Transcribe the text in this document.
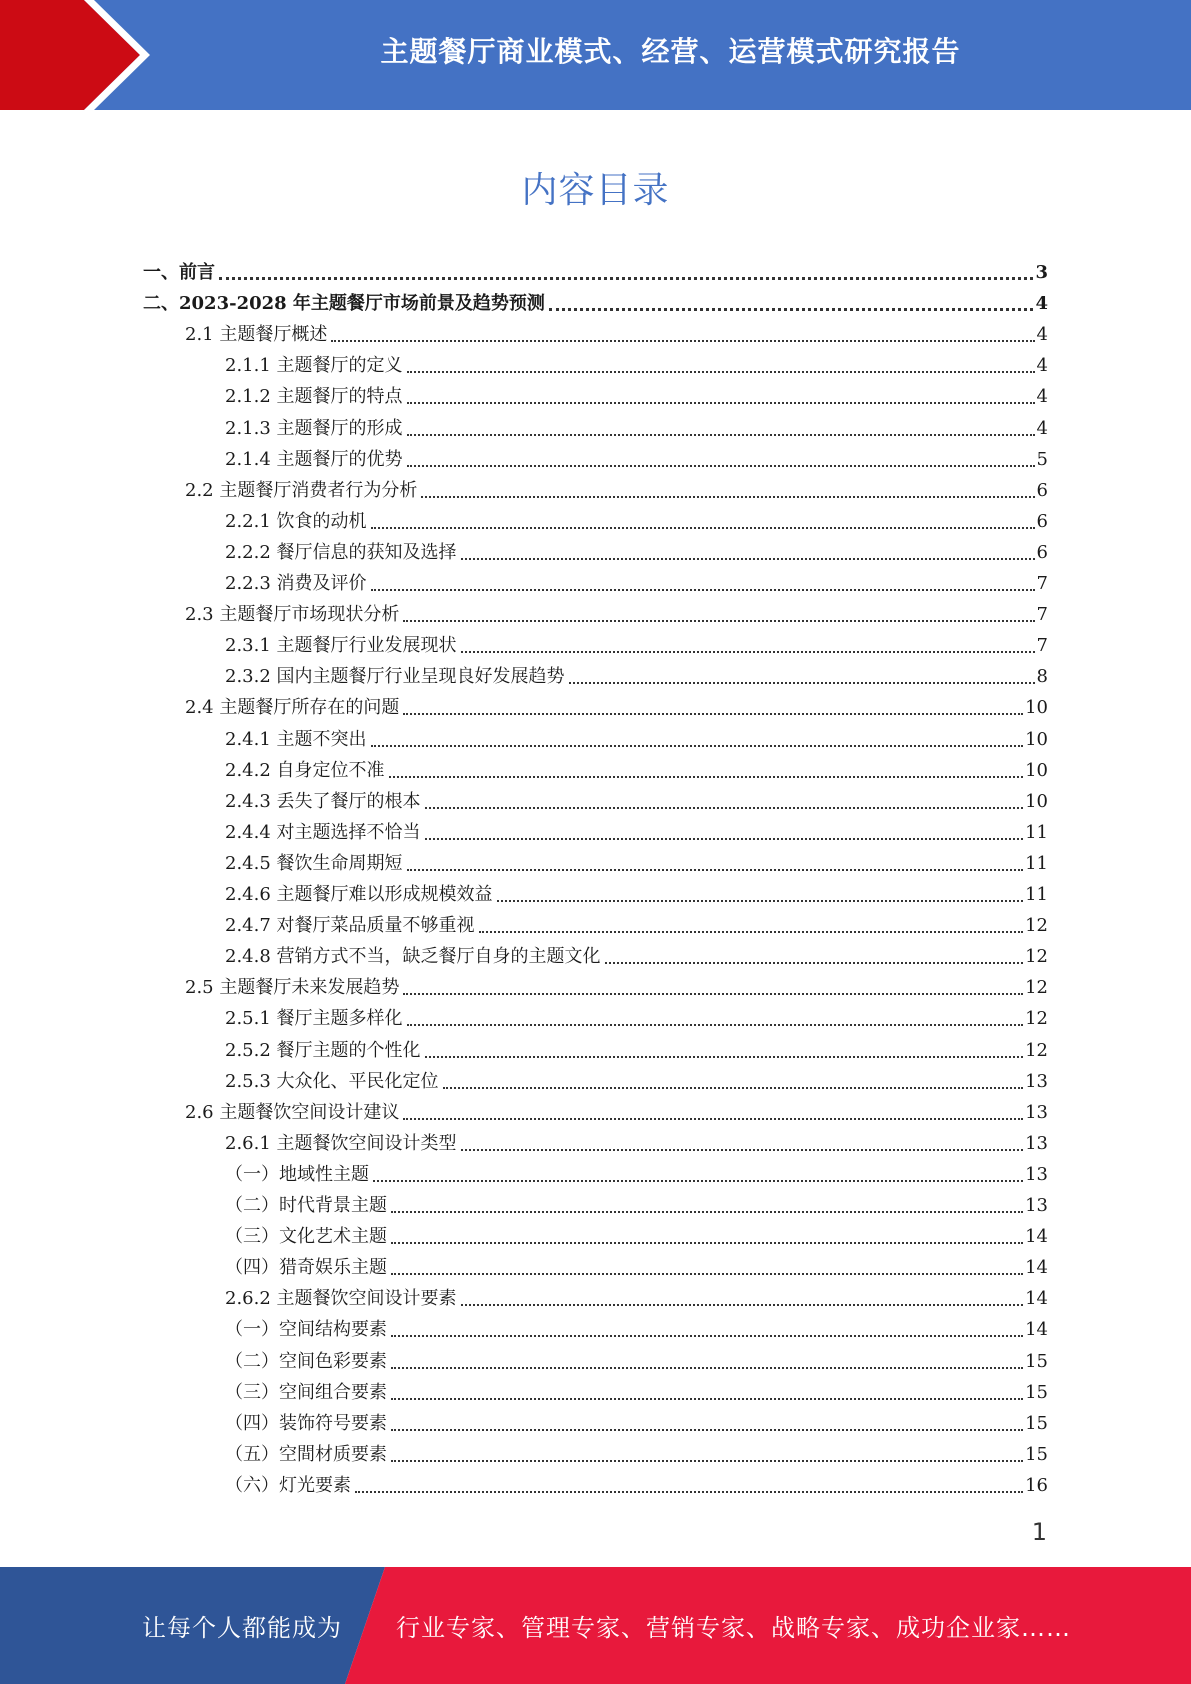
主题餐厅商业模式、经营、运营模式研究报告
内容目录
一、前言	3
二、2023-2028 年主题餐厅市场前景及趋势预测	4
2.1 主题餐厅概述	4
2.1.1 主题餐厅的定义	4
2.1.2 主题餐厅的特点	4
2.1.3 主题餐厅的形成	4
2.1.4 主题餐厅的优势	5
2.2 主题餐厅消费者行为分析	6
2.2.1 饮食的动机	6
2.2.2 餐厅信息的获知及选择	6
2.2.3 消费及评价	7
2.3 主题餐厅市场现状分析	7
2.3.1 主题餐厅行业发展现状	7
2.3.2 国内主题餐厅行业呈现良好发展趋势	8
2.4 主题餐厅所存在的问题	10
2.4.1 主题不突出	10
2.4.2 自身定位不准	10
2.4.3 丢失了餐厅的根本	10
2.4.4 对主题选择不恰当	11
2.4.5 餐饮生命周期短	11
2.4.6 主题餐厅难以形成规模效益	11
2.4.7 对餐厅菜品质量不够重视	12
2.4.8 营销方式不当，缺乏餐厅自身的主题文化	12
2.5 主题餐厅未来发展趋势	12
2.5.1 餐厅主题多样化	12
2.5.2 餐厅主题的个性化	12
2.5.3 大众化、平民化定位	13
2.6 主题餐饮空间设计建议	13
2.6.1 主题餐饮空间设计类型	13
（一）地域性主题	13
（二）时代背景主题	13
（三）文化艺术主题	14
（四）猎奇娱乐主题	14
2.6.2 主题餐饮空间设计要素	14
（一）空间结构要素	14
（二）空间色彩要素	15
（三）空间组合要素	15
（四）装饰符号要素	15
（五）空間材质要素	15
（六）灯光要素	16
1
让每个人都能成为 行业专家、管理专家、营销专家、战略专家、成功企业家……
